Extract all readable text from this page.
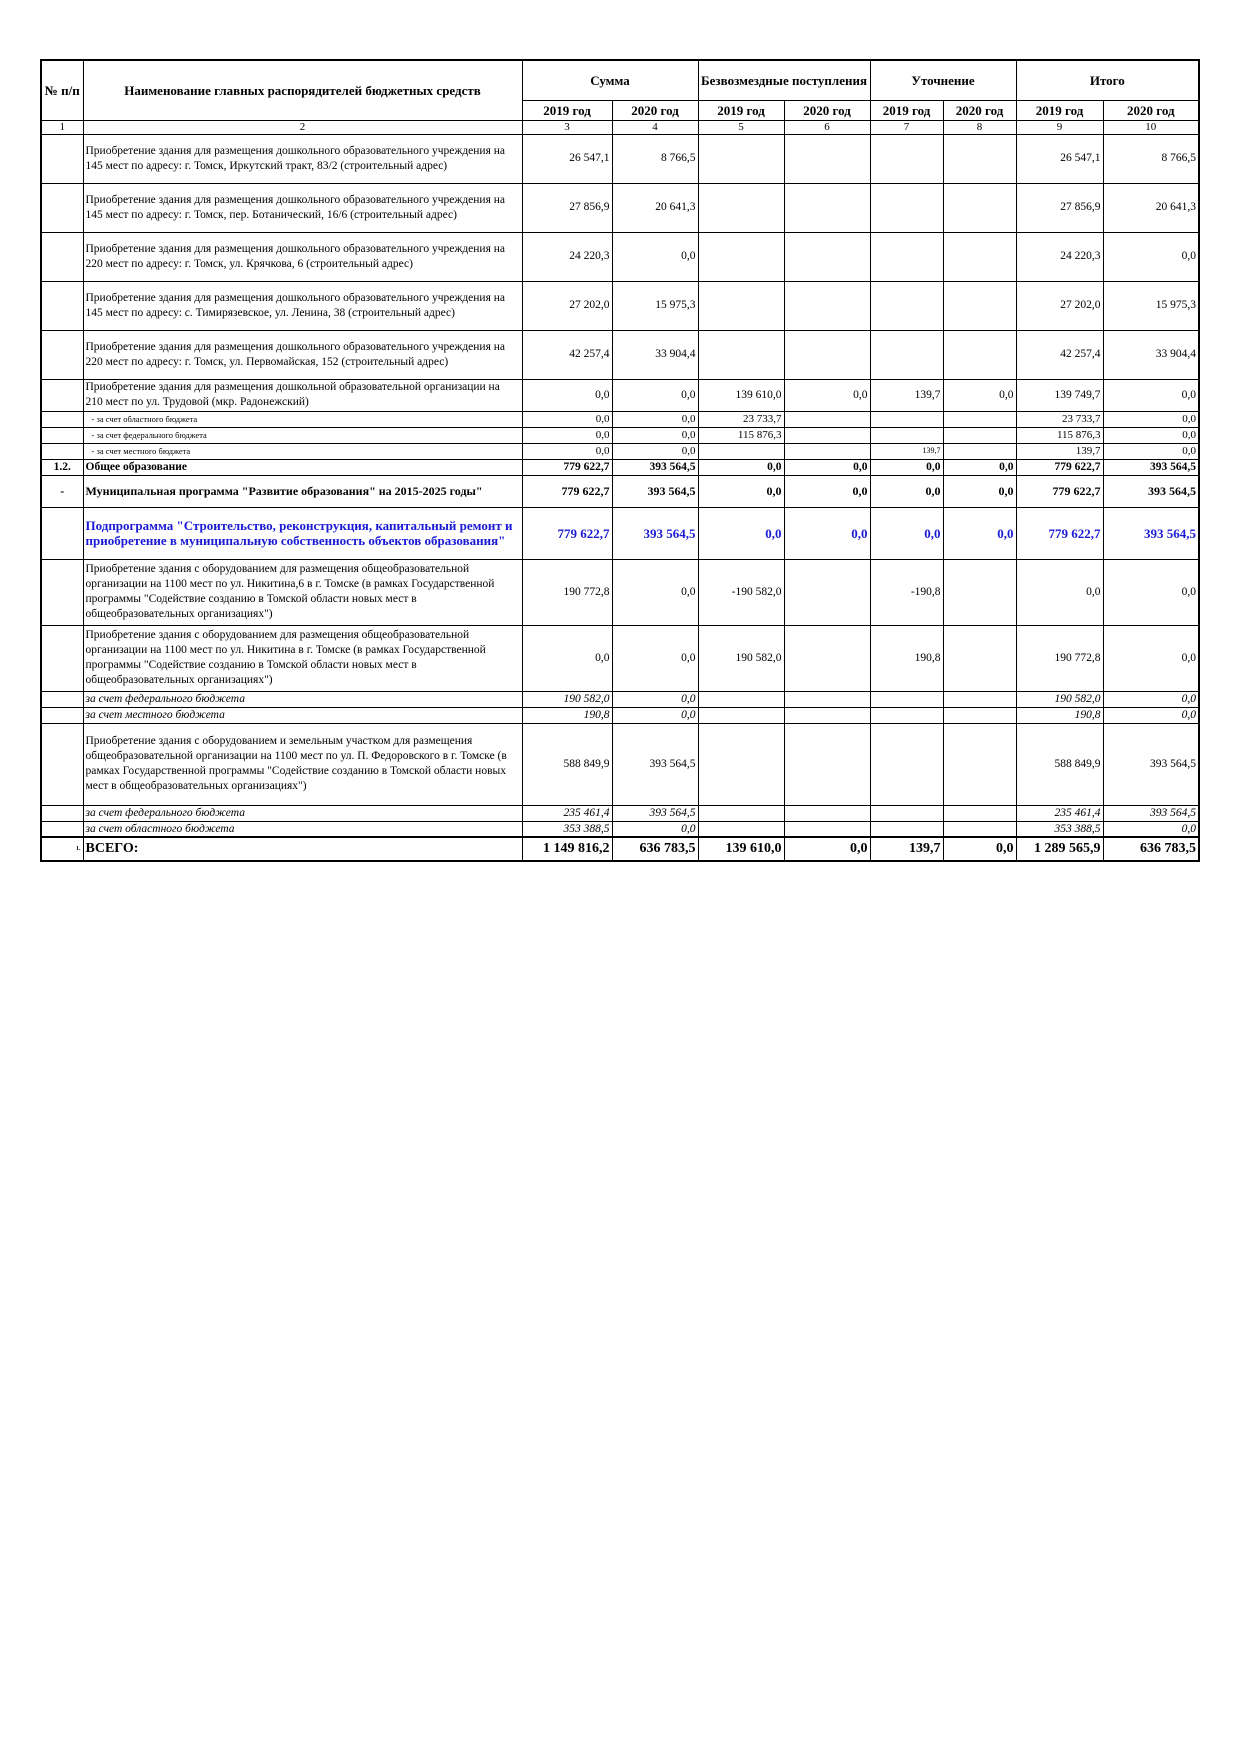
№ п/п	Наименование главных распорядителей бюджетных средств	Сумма		Безвозмездные поступления		Уточнение		Итого	
		2019 год	2020 год	2019 год	2020 год	2019 год	2020 год	2019 год	2020 год
1	2	3	4	5	6	7	8	9	10
	Приобретение здания для размещения дошкольного образовательного учреждения на 145 мест по адресу: г. Томск, Иркутский тракт, 83/2 (строительный адрес)	26 547,1	8 766,5					26 547,1	8 766,5
	Приобретение здания для размещения дошкольного образовательного учреждения на 145 мест по адресу: г. Томск, пер. Ботанический, 16/6 (строительный адрес)	27 856,9	20 641,3					27 856,9	20 641,3
	Приобретение здания для размещения дошкольного образовательного учреждения на 220 мест по адресу: г. Томск, ул. Крячкова, 6 (строительный адрес)	24 220,3	0,0					24 220,3	0,0
	Приобретение здания для размещения дошкольного образовательного учреждения на 145 мест по адресу: с. Тимирязевское, ул. Ленина, 38 (строительный адрес)	27 202,0	15 975,3					27 202,0	15 975,3
	Приобретение здания для размещения дошкольного образовательного учреждения на 220 мест по адресу: г. Томск, ул. Первомайская, 152 (строительный адрес)	42 257,4	33 904,4					42 257,4	33 904,4
	Приобретение здания для размещения дошкольной образовательной организации на 210 мест по ул. Трудовой (мкр. Радонежский)	0,0	0,0	139 610,0	0,0	139,7	0,0	139 749,7	0,0
	- за счет областного бюджета	0,0	0,0	23 733,7				23 733,7	0,0
	- за счет федерального бюджета	0,0	0,0	115 876,3				115 876,3	0,0
	- за счет местного бюджета	0,0	0,0			139,7		139,7	0,0
1.2.	Общее образование	779 622,7	393 564,5	0,0	0,0	0,0	0,0	779 622,7	393 564,5
-	Муниципальная программа "Развитие образования" на 2015-2025 годы"	779 622,7	393 564,5	0,0	0,0	0,0	0,0	779 622,7	393 564,5
	Подпрограмма "Строительство, реконструкция, капитальный ремонт и приобретение в муниципальную собственность объектов образования"	779 622,7	393 564,5	0,0	0,0	0,0	0,0	779 622,7	393 564,5
	Приобретение здания с оборудованием для размещения общеобразовательной организации на 1100 мест по ул. Никитина,6 в г. Томске (в рамках Государственной программы "Содействие созданию в Томской области новых мест в общеобразовательных организациях")	190 772,8	0,0	-190 582,0		-190,8		0,0	0,0
	Приобретение здания с оборудованием для размещения общеобразовательной организации на 1100 мест по ул. Никитина в г. Томске (в рамках Государственной программы "Содействие созданию в Томской области новых мест в общеобразовательных организациях")	0,0	0,0	190 582,0		190,8		190 772,8	0,0
	за счет федерального бюджета	190 582,0	0,0					190 582,0	0,0
	за счет местного бюджета	190,8	0,0					190,8	0,0
	Приобретение здания с оборудованием и земельным участком для размещения общеобразовательной организации на 1100 мест по ул. П. Федоровского в г. Томске (в рамках Государственной программы "Содействие созданию в Томской области новых мест в общеобразовательных организациях")	588 849,9	393 564,5					588 849,9	393 564,5
	за счет федерального бюджета	235 461,4	393 564,5					235 461,4	393 564,5
	за счет областного бюджета	353 388,5	0,0					353 388,5	0,0
1.	ВСЕГО:	1 149 816,2	636 783,5	139 610,0	0,0	139,7	0,0	1 289 565,9	636 783,5
